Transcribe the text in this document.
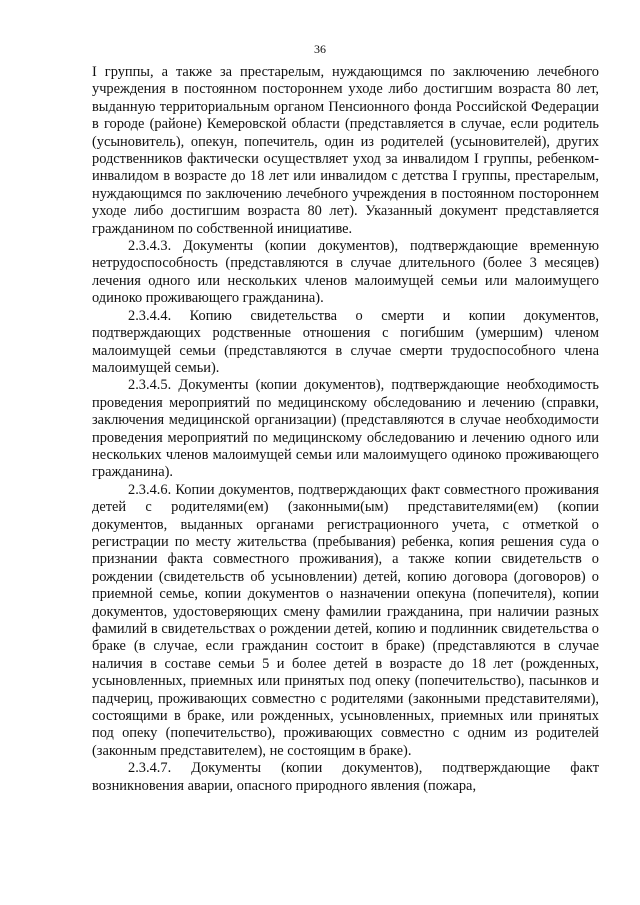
36

I группы, а также за престарелым, нуждающимся по заключению лечебного учреждения в постоянном постороннем уходе либо достигшим возраста 80 лет, выданную территориальным органом Пенсионного фонда Российской Федерации в городе (районе) Кемеровской области (представляется в случае, если родитель (усыновитель), опекун, попечитель, один из родителей (усыновителей), других родственников фактически осуществляет уход за инвалидом I группы, ребенком-инвалидом в возрасте до 18 лет или инвалидом с детства I группы, престарелым, нуждающимся по заключению лечебного учреждения в постоянном постороннем уходе либо достигшим возраста 80 лет). Указанный документ представляется гражданином по собственной инициативе.

2.3.4.3. Документы (копии документов), подтверждающие временную нетрудоспособность (представляются в случае длительного (более 3 месяцев) лечения одного или нескольких членов малоимущей семьи или малоимущего одиноко проживающего гражданина).

2.3.4.4. Копию свидетельства о смерти и копии документов, подтверждающих родственные отношения с погибшим (умершим) членом малоимущей семьи (представляются в случае смерти трудоспособного члена малоимущей семьи).

2.3.4.5. Документы (копии документов), подтверждающие необходимость проведения мероприятий по медицинскому обследованию и лечению (справки, заключения медицинской организации) (представляются в случае необходимости проведения мероприятий по медицинскому обследованию и лечению одного или нескольких членов малоимущей семьи или малоимущего одиноко проживающего гражданина).

2.3.4.6. Копии документов, подтверждающих факт совместного проживания детей с родителями(ем) (законными(ым) представителями(ем) (копии документов, выданных органами регистрационного учета, с отметкой о регистрации по месту жительства (пребывания) ребенка, копия решения суда о признании факта совместного проживания), а также копии свидетельств о рождении (свидетельств об усыновлении) детей, копию договора (договоров) о приемной семье, копии документов о назначении опекуна (попечителя), копии документов, удостоверяющих смену фамилии гражданина, при наличии разных фамилий в свидетельствах о рождении детей, копию и подлинник свидетельства о браке (в случае, если гражданин состоит в браке) (представляются в случае наличия в составе семьи 5 и более детей в возрасте до 18 лет (рожденных, усыновленных, приемных или принятых под опеку (попечительство), пасынков и падчериц, проживающих совместно с родителями (законными представителями), состоящими в браке, или рожденных, усыновленных, приемных или принятых под опеку (попечительство), проживающих совместно с одним из родителей (законным представителем), не состоящим в браке).

2.3.4.7. Документы (копии документов), подтверждающие факт возникновения аварии, опасного природного явления (пожара,
